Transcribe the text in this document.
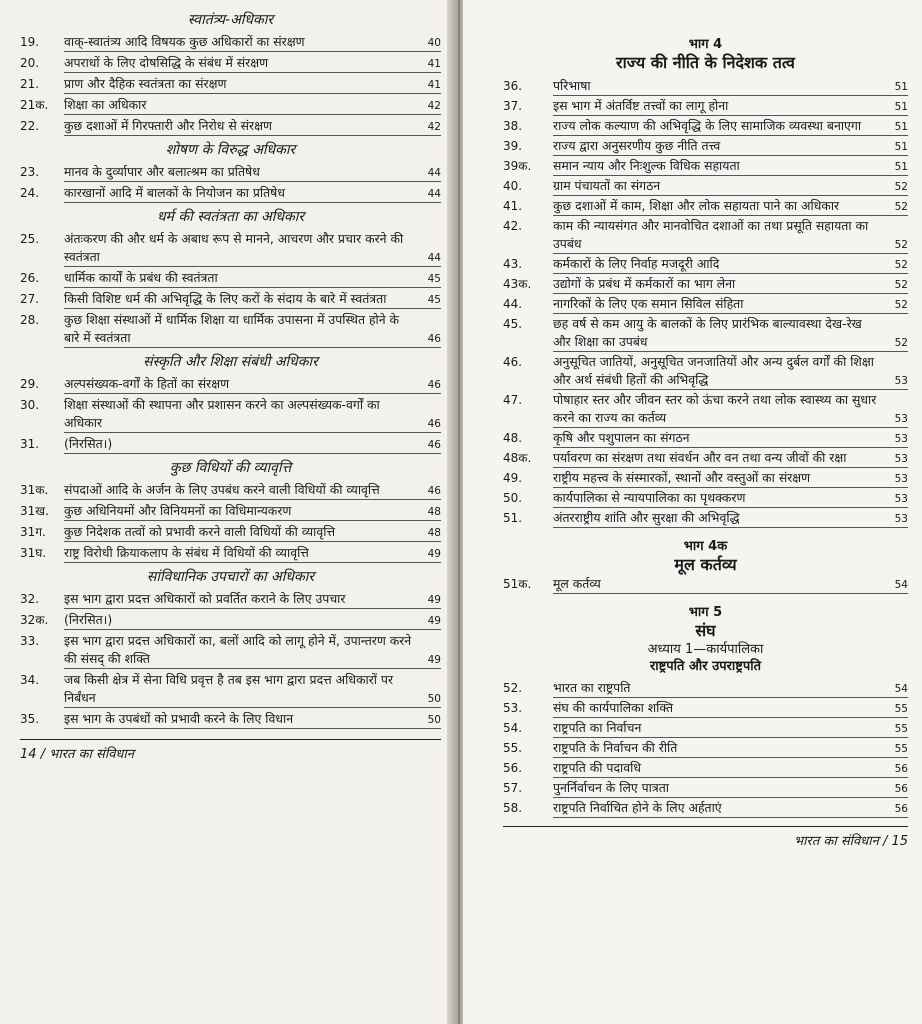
स्वातंत्र्य-अधिकार
19.	वाक्-स्वातंत्र्य आदि विषयक कुछ अधिकारों का संरक्षण	40
20.	अपराधों के लिए दोषसिद्धि के संबंध में संरक्षण	41
21.	प्राण और दैहिक स्वतंत्रता का संरक्षण	41
21क.	शिक्षा का अधिकार	42
22.	कुछ दशाओं में गिरफ्तारी और निरोध से संरक्षण	42
शोषण के विरुद्ध अधिकार
23.	मानव के दुर्व्यापार और बलात्श्रम का प्रतिषेध	44
24.	कारखानों आदि में बालकों के नियोजन का प्रतिषेध	44
धर्म की स्वतंत्रता का अधिकार
25.	अंतःकरण की और धर्म के अबाध रूप से मानने, आचरण और प्रचार करने की स्वतंत्रता	44
26.	धार्मिक कार्यों के प्रबंध की स्वतंत्रता	45
27.	किसी विशिष्ट धर्म की अभिवृद्धि के लिए करों के संदाय के बारे में स्वतंत्रता	45
28.	कुछ शिक्षा संस्थाओं में धार्मिक शिक्षा या धार्मिक उपासना में उपस्थित होने के बारे में स्वतंत्रता	46
संस्कृति और शिक्षा संबंधी अधिकार
29.	अल्पसंख्यक-वर्गों के हितों का संरक्षण	46
30.	शिक्षा संस्थाओं की स्थापना और प्रशासन करने का अल्पसंख्यक-वर्गों का अधिकार	46
31.	(निरसित।)	46
कुछ विधियों की व्यावृत्ति
31क.	संपदाओं आदि के अर्जन के लिए उपबंध करने वाली विधियों की व्यावृत्ति	46
31ख.	कुछ अधिनियमों और विनियमनों का विधिमान्यकरण	48
31ग.	कुछ निदेशक तत्वों को प्रभावी करने वाली विधियों की व्यावृत्ति	48
31घ.	राष्ट्र विरोधी क्रियाकलाप के संबंध में विधियों की व्यावृत्ति	49
सांविधानिक उपचारों का अधिकार
32.	इस भाग द्वारा प्रदत्त अधिकारों को प्रवर्तित कराने के लिए उपचार	49
32क.	(निरसित।)	49
33.	इस भाग द्वारा प्रदत्त अधिकारों का, बलों आदि को लागू होने में, उपान्तरण करने की संसद् की शक्ति	49
34.	जब किसी क्षेत्र में सेना विधि प्रवृत्त है तब इस भाग द्वारा प्रदत्त अधिकारों पर निर्बंधन	50
35.	इस भाग के उपबंधों को प्रभावी करने के लिए विधान	50
14 / भारत का संविधान
भाग 4
राज्य की नीति के निदेशक तत्व
36.	परिभाषा	51
37.	इस भाग में अंतर्विष्ट तत्त्वों का लागू होना	51
38.	राज्य लोक कल्याण की अभिवृद्धि के लिए सामाजिक व्यवस्था बनाएगा	51
39.	राज्य द्वारा अनुसरणीय कुछ नीति तत्त्व	51
39क.	समान न्याय और निःशुल्क विधिक सहायता	51
40.	ग्राम पंचायतों का संगठन	52
41.	कुछ दशाओं में काम, शिक्षा और लोक सहायता पाने का अधिकार	52
42.	काम की न्यायसंगत और मानवोचित दशाओं का तथा प्रसूति सहायता का उपबंध	52
43.	कर्मकारों के लिए निर्वाह मजदूरी आदि	52
43क.	उद्योगों के प्रबंध में कर्मकारों का भाग लेना	52
44.	नागरिकों के लिए एक समान सिविल संहिता	52
45.	छह वर्ष से कम आयु के बालकों के लिए प्रारंभिक बाल्यावस्था देख-रेख और शिक्षा का उपबंध	52
46.	अनुसूचित जातियों, अनुसूचित जनजातियों और अन्य दुर्बल वर्गों की शिक्षा और अर्थ संबंधी हितों की अभिवृद्धि	53
47.	पोषाहार स्तर और जीवन स्तर को ऊंचा करने तथा लोक स्वास्थ्य का सुधार करने का राज्य का कर्तव्य	53
48.	कृषि और पशुपालन का संगठन	53
48क.	पर्यावरण का संरक्षण तथा संवर्धन और वन तथा वन्य जीवों की रक्षा	53
49.	राष्ट्रीय महत्त्व के संस्मारकों, स्थानों और वस्तुओं का संरक्षण	53
50.	कार्यपालिका से न्यायपालिका का पृथक्करण	53
51.	अंतरराष्ट्रीय शांति और सुरक्षा की अभिवृद्धि	53
भाग 4क
मूल कर्तव्य
51क.	मूल कर्तव्य	54
भाग 5
संघ
अध्याय 1—कार्यपालिका
राष्ट्रपति और उपराष्ट्रपति
52.	भारत का राष्ट्रपति	54
53.	संघ की कार्यपालिका शक्ति	55
54.	राष्ट्रपति का निर्वाचन	55
55.	राष्ट्रपति के निर्वाचन की रीति	55
56.	राष्ट्रपति की पदावधि	56
57.	पुनर्निर्वाचन के लिए पात्रता	56
58.	राष्ट्रपति निर्वाचित होने के लिए अर्हताएं	56
भारत का संविधान / 15
